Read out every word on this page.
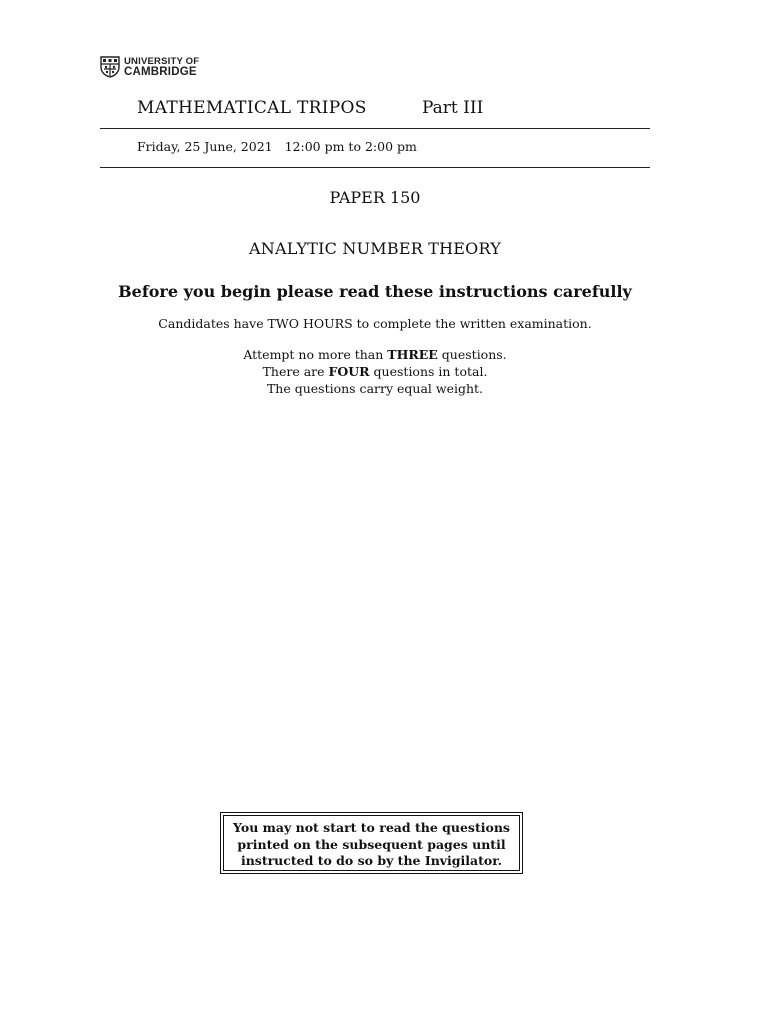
UNIVERSITY OF
CAMBRIDGE
MATHEMATICAL TRIPOS	Part III
Friday, 25 June, 2021 12:00 pm to 2:00 pm
PAPER 150
ANALYTIC NUMBER THEORY
Before you begin please read these instructions carefully
Candidates have TWO HOURS to complete the written examination.
Attempt no more than THREE questions.
There are FOUR questions in total.
The questions carry equal weight.
You may not start to read the questions
printed on the subsequent pages until
instructed to do so by the Invigilator.
